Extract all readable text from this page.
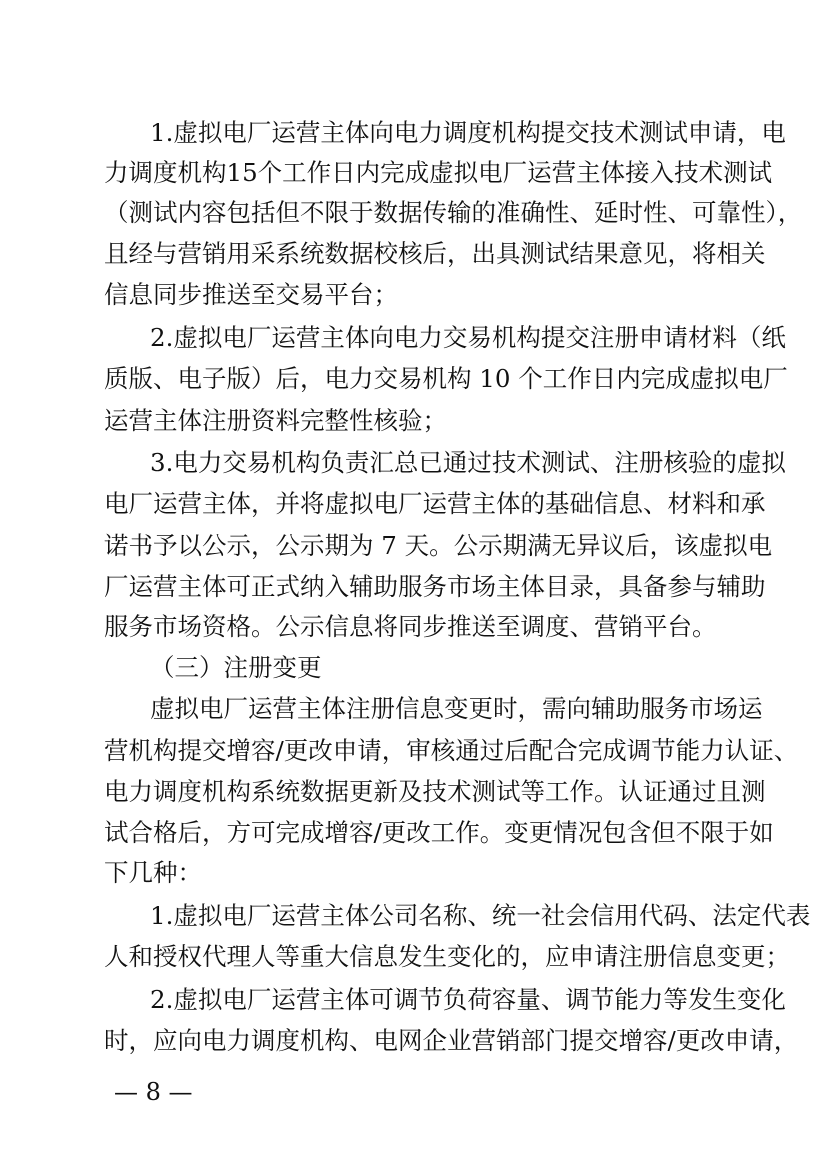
1.虚拟电厂运营主体向电力调度机构提交技术测试申请，电
力调度机构15个工作日内完成虚拟电厂运营主体接入技术测试
（测试内容包括但不限于数据传输的准确性、延时性、可靠性），
且经与营销用采系统数据校核后，出具测试结果意见，将相关
信息同步推送至交易平台；
2.虚拟电厂运营主体向电力交易机构提交注册申请材料（纸
质版、电子版）后，电力交易机构 10 个工作日内完成虚拟电厂
运营主体注册资料完整性核验；
3.电力交易机构负责汇总已通过技术测试、注册核验的虚拟
电厂运营主体，并将虚拟电厂运营主体的基础信息、材料和承
诺书予以公示，公示期为 7 天。公示期满无异议后，该虚拟电
厂运营主体可正式纳入辅助服务市场主体目录，具备参与辅助
服务市场资格。公示信息将同步推送至调度、营销平台。
（三）注册变更
虚拟电厂运营主体注册信息变更时，需向辅助服务市场运
营机构提交增容/更改申请，审核通过后配合完成调节能力认证、
电力调度机构系统数据更新及技术测试等工作。认证通过且测
试合格后，方可完成增容/更改工作。变更情况包含但不限于如
下几种：
1.虚拟电厂运营主体公司名称、统一社会信用代码、法定代表
人和授权代理人等重大信息发生变化的，应申请注册信息变更；
2.虚拟电厂运营主体可调节负荷容量、调节能力等发生变化
时，应向电力调度机构、电网企业营销部门提交增容/更改申请，
— 8 —
